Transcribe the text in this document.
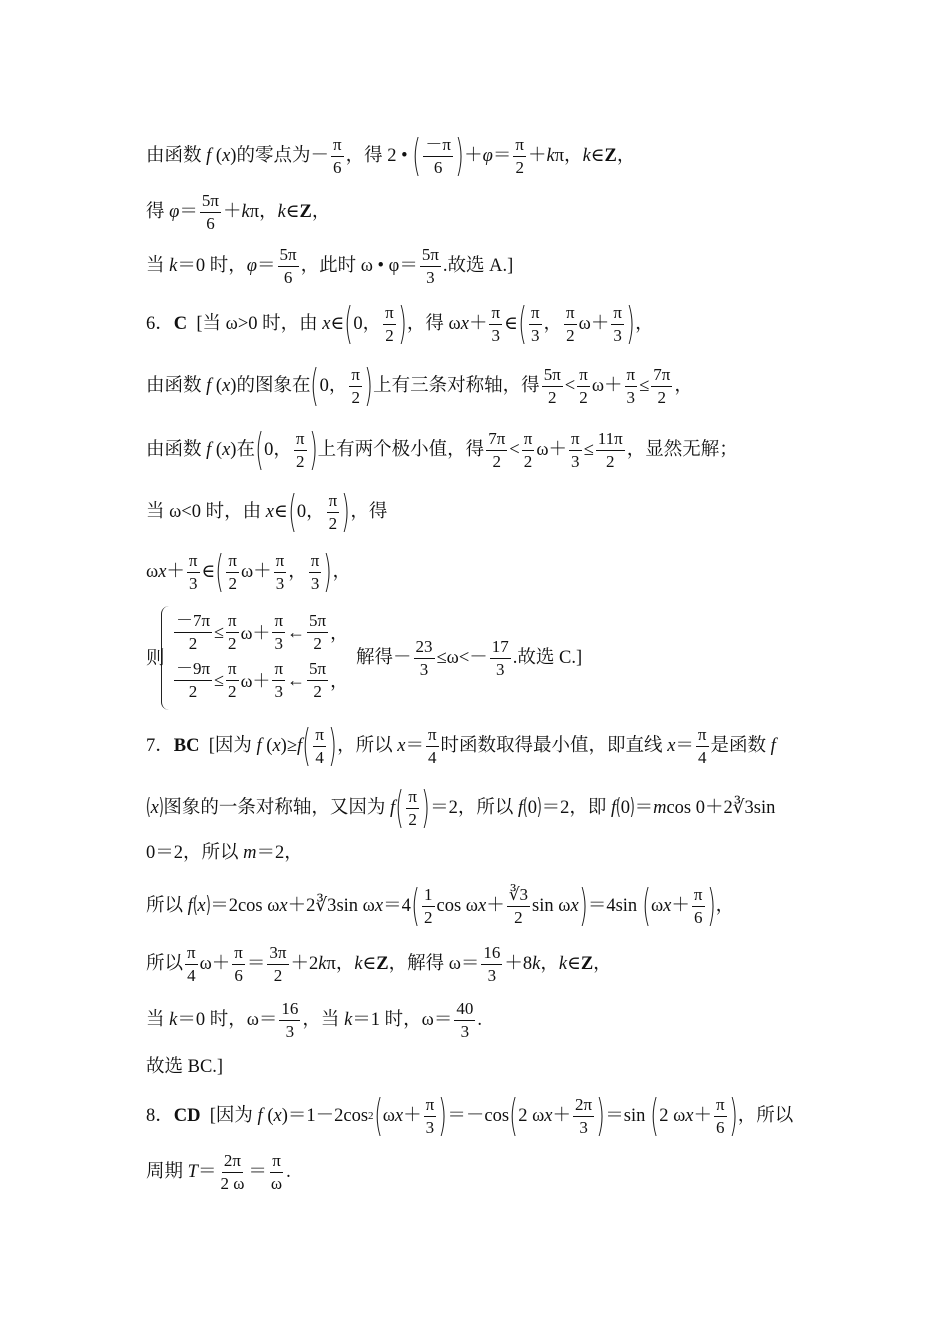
由函数 f ( x )的零点为－ $\frac{\pi}{6}$ ，得 2 • ( $\frac{-\pi}{6}$ ) ＋ $\varphi = \frac{\pi}{2} + k$ π， k ∈ Z ，
得 $\varphi = \frac{5\pi}{6} + k$ π， k ∈ Z ，
当 k ＝0 时， $\varphi = \frac{5\pi}{6}$ ，此时 ω • $\varphi= \frac{5\pi}{3}$ .故选 A.]
6． C [当 ω>0 时，由 x ∈ ( 0， $\frac{\pi}{2}$ ) ，得 ω $x + \frac{\pi}{3}$ ∈ ( $\frac{\pi}{3}$ ， $\frac{\pi}{2} \omega+ \frac{\pi}{3}$ ) ，
由函数 f ( x )的图象在 ( 0， $\frac{\pi}{2}$ ) 上有三条对称轴，得 $\frac{5\pi}{2} < \frac{\pi}{2} \omega+ \frac{\pi}{3} \le \frac{7\pi}{2}$ ，
由函数 f ( x )在 ( 0， $\frac{\pi}{2}$ ) 上有两个极小值，得 $\frac{7\pi}{2} < \frac{\pi}{2} \omega+ \frac{\pi}{3} \le \frac{11\pi}{2}$ ，显然无解；
当 ω<0 时，由 x ∈ ( 0， $\frac{\pi}{2}$ ) ，得
ω $x + \frac{\pi}{3}$ ∈ ( $\frac{\pi}{2} \omega+ \frac{\pi}{3}$ ， $\frac{\pi}{3}$ ) ，
则
$\frac{-7\pi}{2} \le \frac{\pi}{2} \omega+ \frac{\pi}{3}$ ← $\frac{5\pi}{2}$ ，
$\frac{-9\pi}{2} \le \frac{\pi}{2} \omega+ \frac{\pi}{3}$ ← $\frac{5\pi}{2}$ ，
解得－ $\frac{23}{3} \le\omega<- \frac{17}{3}$ .故选 C.]
7． BC [因为 f ( x )≥ f ( $\frac{\pi}{4}$ ) ，所以 $x = \frac{\pi}{4}$ 时函数取得最小值，即直线 $x = \frac{\pi}{4}$ 是函数 f
( x ) 图象的一条对称轴，又因为 f ( $\frac{\pi}{2}$ ) ＝2，所以 f ( 0 ) ＝2，即 f ( 0 ) ＝ m cos 0＋2 ∛3 sin
0＝2，所以 m ＝2，
所以 f ( x ) ＝2cos ω x ＋2 ∛3 sin ω x ＝4 ( $\frac{1}{2}$ cos ω $x + \frac{∛3}{2}$ sin ω x ) ＝4sin ( ω $x + \frac{\pi}{6}$ ) ，
所以 $\frac{\pi}{4} \omega+ \frac{\pi}{6} = \frac{3\pi}{2} +2$ k π， k ∈ Z ，解得 $\omega= \frac{16}{3} +8$ k ， k ∈ Z ，
当 k ＝0 时，$\omega= \frac{16}{3}$ ，当 k ＝1 时，$\omega= \frac{40}{3}$ .
故选 BC.]
8． CD [因为 f ( x )＝1－2cos 2 ( ω $x + \frac{\pi}{3}$ ) ＝－cos ( 2 ω $x + \frac{2\pi}{3}$ ) ＝sin ( 2 ω $x + \frac{\pi}{6}$ ) ，所以
周期 $T = \frac{2\pi}{2 \omega} = \frac{\pi}{\omega}$ .
